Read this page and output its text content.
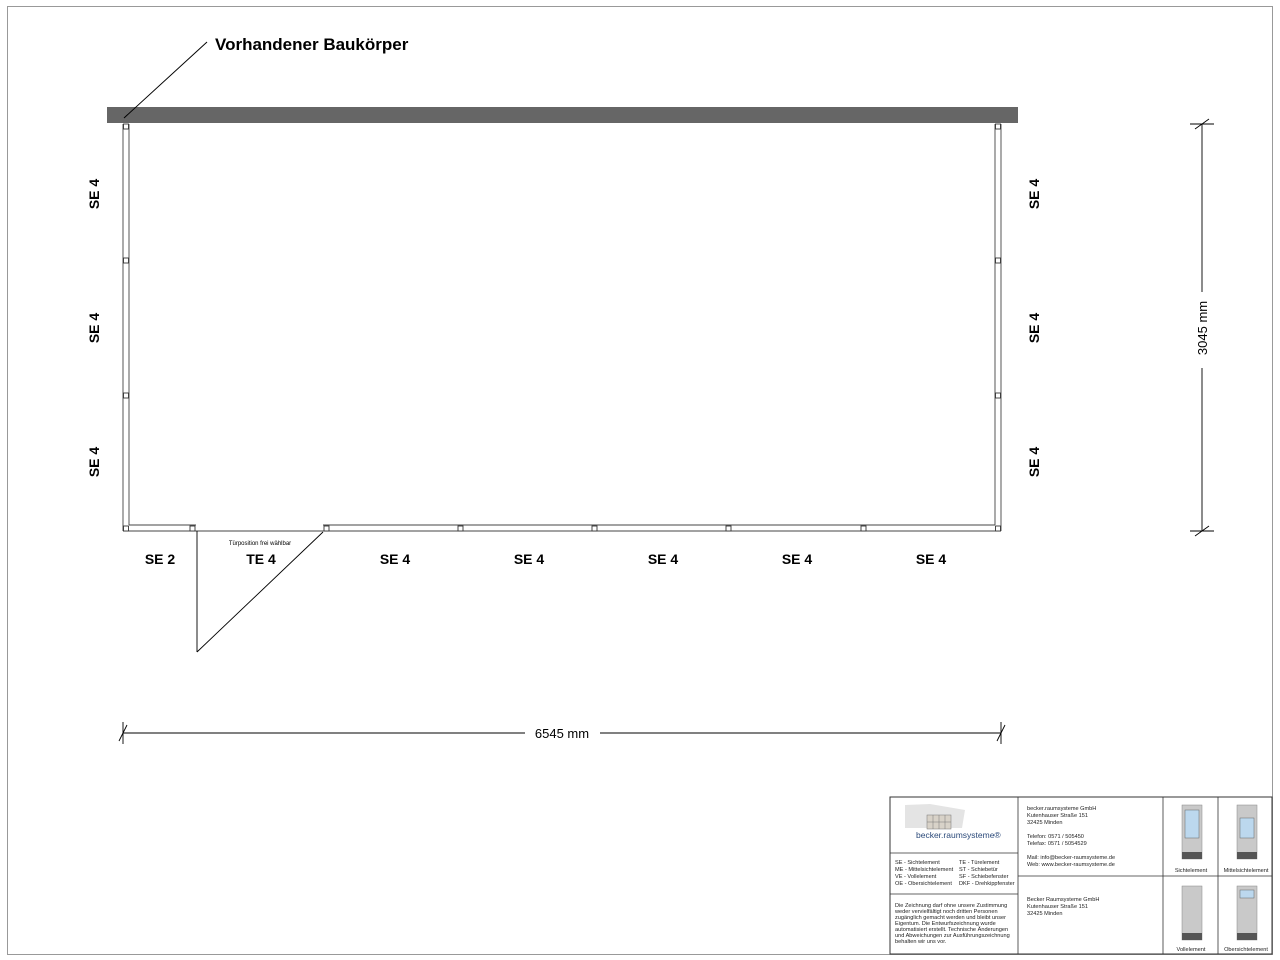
Vorhandener Baukörper
Türposition frei wählbar
SE 4
SE 4
SE 4
SE 4
SE 4
SE 4
SE 2	TE 4	SE 4	SE 4	SE 4	SE 4	SE 4
6545 mm
3045 mm
becker.raumsysteme®
SE - Sichtelement
ME - Mittelsichtelement
VE - Vollelement
OE - Obersichtelement
TE - Türelement
ST - Schiebetür
SF - Schiebefenster
DKF - Drehkippfenster
Die Zeichnung darf ohne unsere Zustimmung
weder vervielfältigt noch dritten Personen
zugänglich gemacht werden und bleibt unser
Eigentum. Die Entwurfszeichnung wurde
automatisiert erstellt. Technische Änderungen
und Abweichungen zur Ausführungszeichnung
behalten wir uns vor.
becker.raumsysteme GmbH
Kutenhauser Straße 151
32425 Minden
Telefon: 0571 / 505450
Telefax: 0571 / 5054529
Mail: info@becker-raumsysteme.de
Web: www.becker-raumsysteme.de
Becker Raumsysteme GmbH
Kutenhauser Straße 151
32425 Minden
Sichtelement	Mittelsichtelement
Vollelement	Obersichtelement
